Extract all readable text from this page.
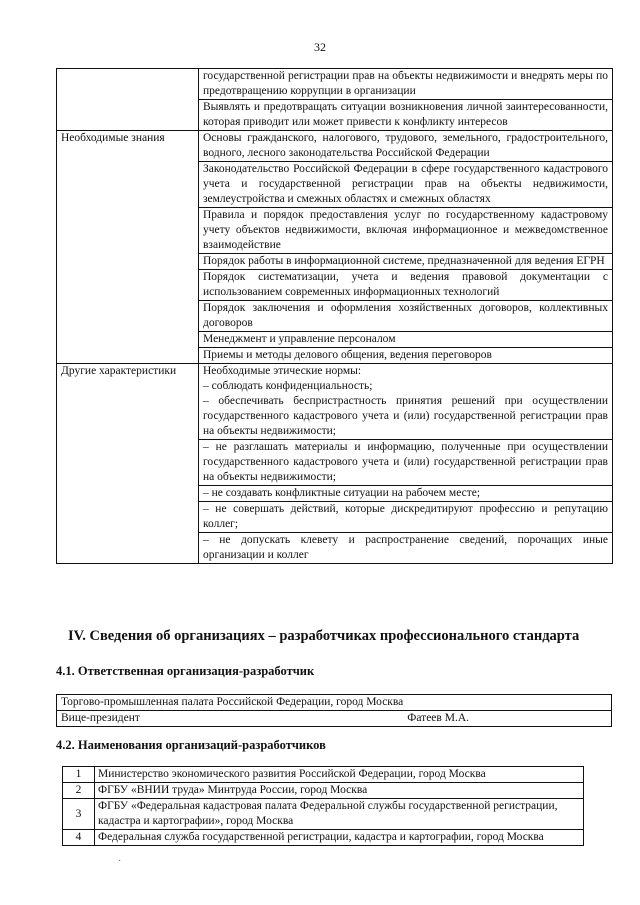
32
	государственной регистрации прав на объекты недвижимости и внедрять меры по предотвращению коррупции в организации
	Выявлять и предотвращать ситуации возникновения личной заинтересованности, которая приводит или может привести к конфликту интересов
Необходимые знания	Основы гражданского, налогового, трудового, земельного, градостроительного, водного, лесного законодательства Российской Федерации
	Законодательство Российской Федерации в сфере государственного кадастрового учета и государственной регистрации прав на объекты недвижимости, землеустройства и смежных областях и смежных областях
	Правила и порядок предоставления услуг по государственному кадастровому учету объектов недвижимости, включая информационное и межведомственное взаимодействие
	Порядок работы в информационной системе, предназначенной для ведения ЕГРН
	Порядок систематизации, учета и ведения правовой документации с использованием современных информационных технологий
	Порядок заключения и оформления хозяйственных договоров, коллективных договоров
	Менеджмент и управление персоналом
	Приемы и методы делового общения, ведения переговоров
Другие характеристики	Необходимые этические нормы:
– соблюдать конфиденциальность;
– обеспечивать беспристрастность принятия решений при осуществлении государственного кадастрового учета и (или) государственной регистрации прав на объекты недвижимости;

	– не разглашать материалы и информацию, полученные при осуществлении государственного кадастрового учета и (или) государственной регистрации прав на объекты недвижимости;
	– не создавать конфликтные ситуации на рабочем месте;
	– не совершать действий, которые дискредитируют профессию и репутацию коллег;
	– не допускать клевету и распространение сведений, порочащих иные организации и коллег
IV. Сведения об организациях – разработчиках профессионального стандарта
4.1. Ответственная организация-разработчик
Торгово-промышленная палата Российской Федерации, город Москва

Вице-президент	Фатеев М.А.
4.2. Наименования организаций-разработчиков
1	Министерство экономического развития Российской Федерации, город Москва
2	ФГБУ «ВНИИ труда» Минтруда России, город Москва
3	ФГБУ «Федеральная кадастровая палата Федеральной службы государственной регистрации, кадастра и картографии», город Москва
4	Федеральная служба государственной регистрации, кадастра и картографии, город Москва
·
